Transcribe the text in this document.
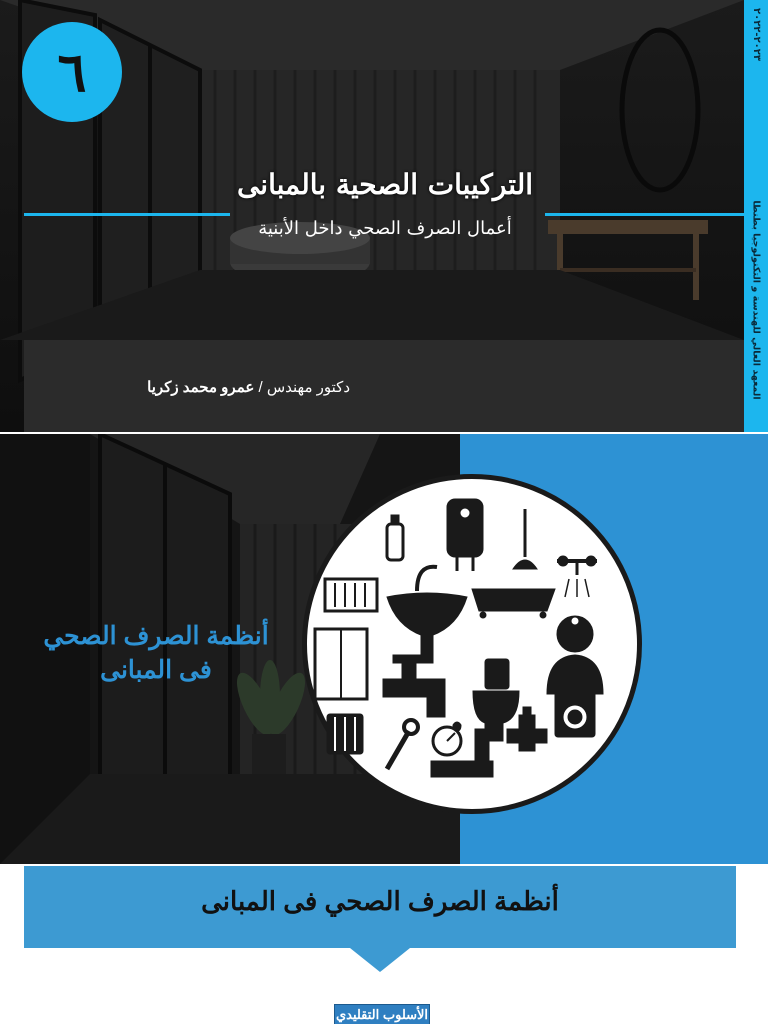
٦
التركيبات الصحية بالمبانى
أعمال الصرف الصحي داخل الأبنية
دكتور مهندس / عمرو محمد زكريا
٢٠٢٣-٢٠٢٢
المعهد العالي للهندسة و التكنولوجيا بطنطا
أنظمة الصرف الصحي
فى المبانى
أنظمة الصرف الصحي فى المبانى
الأسلوب التقليدي
